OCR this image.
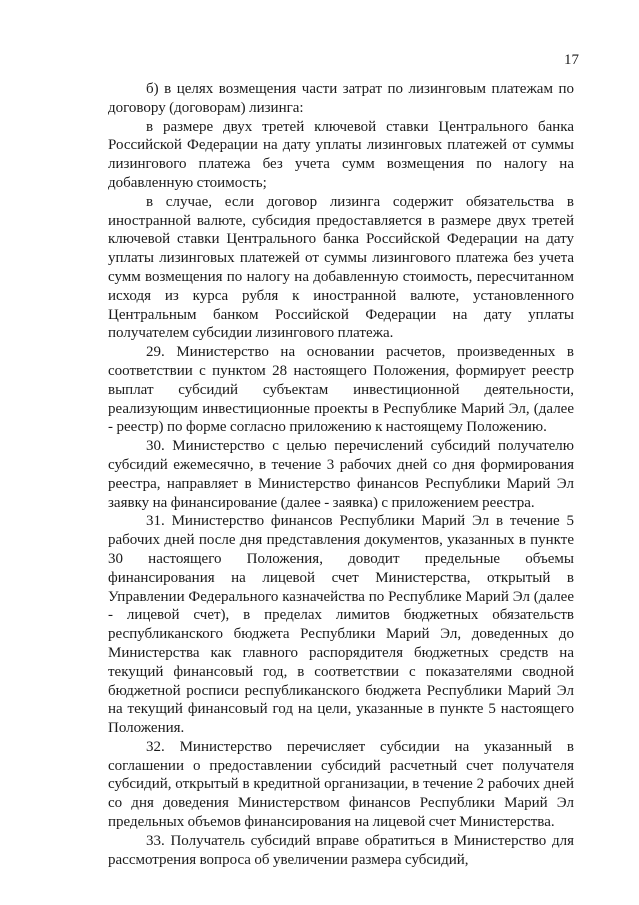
17

б) в целях возмещения части затрат по лизинговым платежам по договору (договорам) лизинга:

в размере двух третей ключевой ставки Центрального банка Российской Федерации на дату уплаты лизинговых платежей от суммы лизингового платежа без учета сумм возмещения по налогу на добавленную стоимость;

в случае, если договор лизинга содержит обязательства в иностранной валюте, субсидия предоставляется в размере двух третей ключевой ставки Центрального банка Российской Федерации на дату уплаты лизинговых платежей от суммы лизингового платежа без учета сумм возмещения по налогу на добавленную стоимость, пересчитанном исходя из курса рубля к иностранной валюте, установленного Центральным банком Российской Федерации на дату уплаты получателем субсидии лизингового платежа.

29. Министерство на основании расчетов, произведенных в соответствии с пунктом 28 настоящего Положения, формирует реестр выплат субсидий субъектам инвестиционной деятельности, реализующим инвестиционные проекты в Республике Марий Эл, (далее - реестр) по форме согласно приложению к настоящему Положению.

30. Министерство с целью перечислений субсидий получателю субсидий ежемесячно, в течение 3 рабочих дней со дня формирования реестра, направляет в Министерство финансов Республики Марий Эл заявку на финансирование (далее - заявка) с приложением реестра.

31. Министерство финансов Республики Марий Эл в течение 5 рабочих дней после дня представления документов, указанных в пункте 30 настоящего Положения, доводит предельные объемы финансирования на лицевой счет Министерства, открытый в Управлении Федерального казначейства по Республике Марий Эл (далее - лицевой счет), в пределах лимитов бюджетных обязательств республиканского бюджета Республики Марий Эл, доведенных до Министерства как главного распорядителя бюджетных средств на текущий финансовый год, в соответствии с показателями сводной бюджетной росписи республиканского бюджета Республики Марий Эл на текущий финансовый год на цели, указанные в пункте 5 настоящего Положения.

32. Министерство перечисляет субсидии на указанный в соглашении о предоставлении субсидий расчетный счет получателя субсидий, открытый в кредитной организации, в течение 2 рабочих дней со дня доведения Министерством финансов Республики Марий Эл предельных объемов финансирования на лицевой счет Министерства.

33. Получатель субсидий вправе обратиться в Министерство для рассмотрения вопроса об увеличении размера субсидий,
